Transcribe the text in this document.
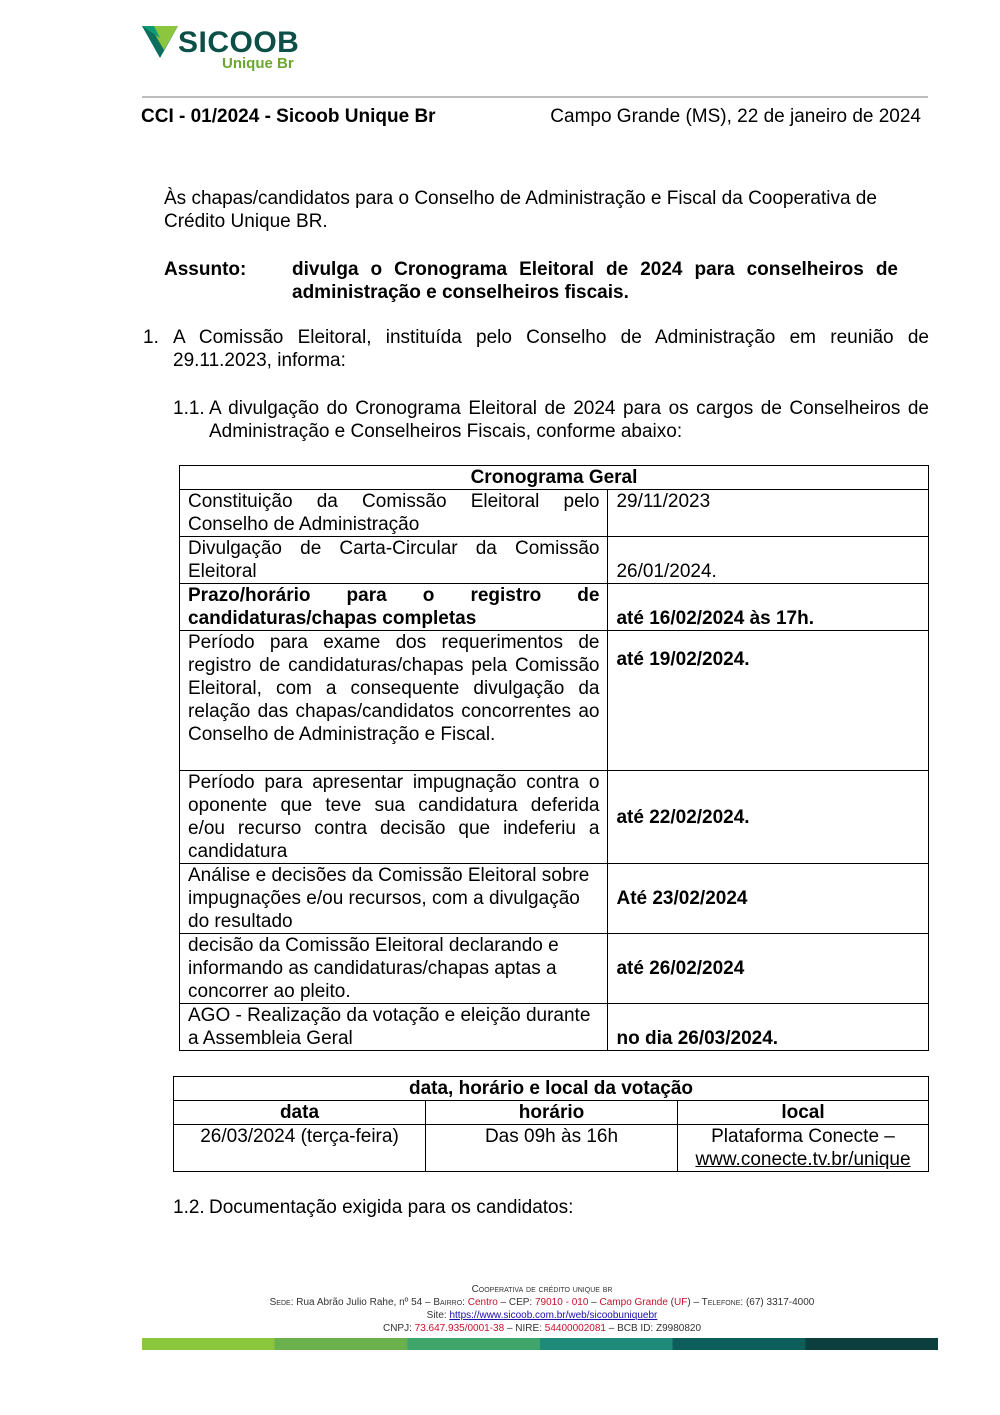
SICOOB
Unique Br
CCI - 01/2024 - Sicoob Unique Br	Campo Grande (MS), 22 de janeiro de 2024
Às chapas/candidatos para o Conselho de Administração e Fiscal da Cooperativa de Crédito Unique BR.
Assunto: divulga o Cronograma Eleitoral de 2024 para conselheiros de administração e conselheiros fiscais.
1. A Comissão Eleitoral, instituída pelo Conselho de Administração em reunião de 29.11.2023, informa:
1.1. A divulgação do Cronograma Eleitoral de 2024 para os cargos de Conselheiros de Administração e Conselheiros Fiscais, conforme abaixo:
Cronograma Geral	
Constituição da Comissão Eleitoral pelo Conselho de Administração	29/11/2023
Divulgação de Carta-Circular da Comissão Eleitoral	26/01/2024.
Prazo/horário para o registro de candidaturas/chapas completas	até 16/02/2024 às 17h.
Período para exame dos requerimentos de registro de candidaturas/chapas pela Comissão Eleitoral, com a consequente divulgação da relação das chapas/candidatos concorrentes ao Conselho de Administração e Fiscal.	até 19/02/2024.
Período para apresentar impugnação contra o oponente que teve sua candidatura deferida e/ou recurso contra decisão que indeferiu a candidatura	até 22/02/2024.
Análise e decisões da Comissão Eleitoral sobre impugnações e/ou recursos, com a divulgação do resultado	Até 23/02/2024
decisão da Comissão Eleitoral declarando e informando as candidaturas/chapas aptas a concorrer ao pleito.	até 26/02/2024
AGO - Realização da votação e eleição durante a Assembleia Geral	no dia 26/03/2024.
data, horário e local da votação		
data	horário	local
26/03/2024 (terça-feira)	Das 09h às 16h	Plataforma Conecte –
www.conecte.tv.br/unique
1.2. Documentação exigida para os candidatos:
Cooperativa de crédito unique br
Sede: Rua Abrão Julio Rahe, nº 54 – Bairro: Centro – CEP: 79010 - 010 – Campo Grande (UF) – Telefone: (67) 3317-4000
Site: https://www.sicoob.com.br/web/sicoobuniquebr
CNPJ: 73.647.935/0001-38 – NIRE: 54400002081 – BCB ID: Z9980820
